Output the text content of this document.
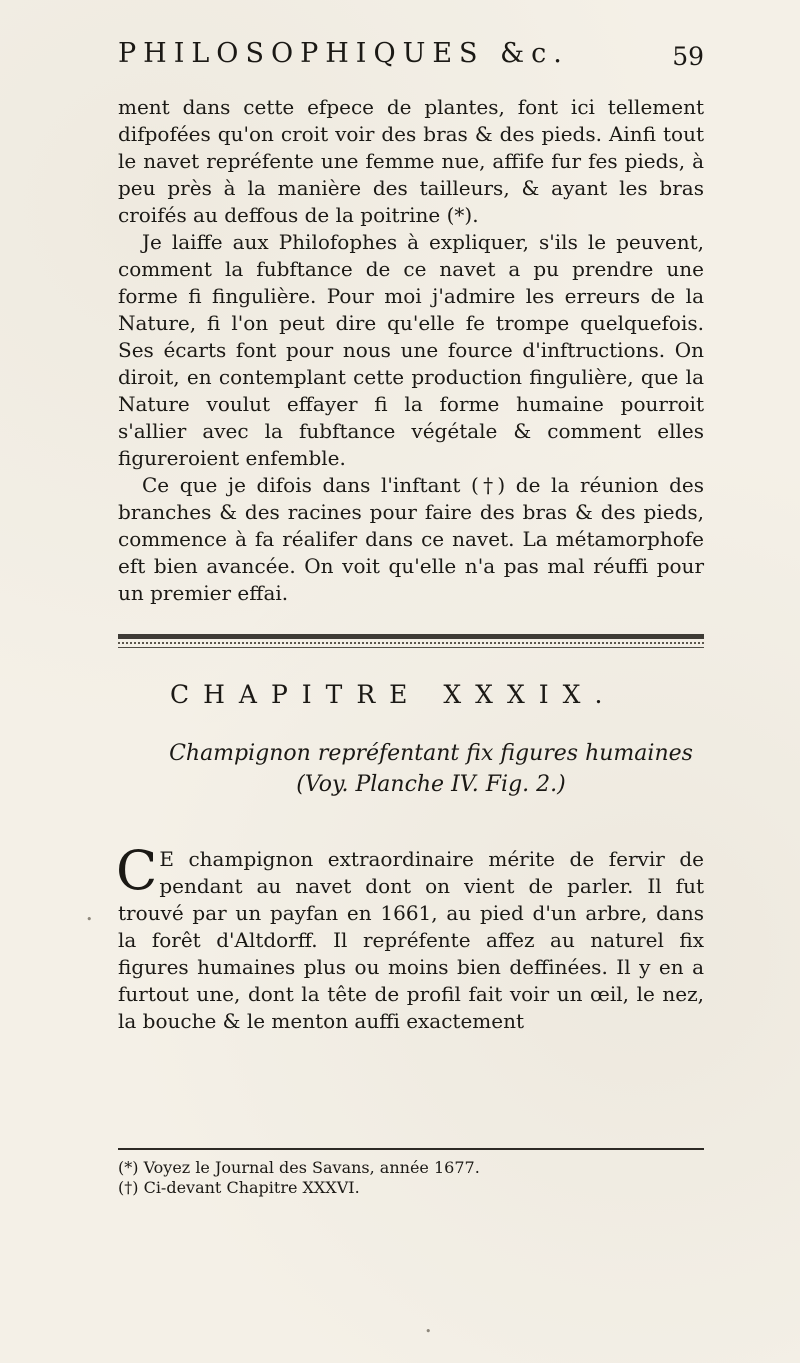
PHILOSOPHIQUES &c.	59

ment dans cette efpece de plantes, font ici tellement difpofées qu'on croit voir des bras & des pieds. Ainfi tout le navet repréfente une femme nue, affife fur fes pieds, à peu près à la manière des tailleurs, & ayant les bras croifés au deffous de la poitrine (*).

Je laiffe aux Philofophes à expliquer, s'ils le peuvent, comment la fubftance de ce navet a pu prendre une forme fi fingulière. Pour moi j'admire les erreurs de la Nature, fi l'on peut dire qu'elle fe trompe quelquefois. Ses écarts font pour nous une fource d'inftructions. On diroit, en contemplant cette production fingulière, que la Nature voulut effayer fi la forme humaine pourroit s'allier avec la fubftance végétale & comment elles figureroient enfemble.

Ce que je difois dans l'inftant (†) de la réunion des branches & des racines pour faire des bras & des pieds, commence à fa réalifer dans ce navet. La métamorphofe eft bien avancée. On voit qu'elle n'a pas mal réuffi pour un premier effai.

CHAPITRE XXXIX.
Champignon repréfentant fix figures humaines (Voy. Planche IV. Fig. 2.)

C E champignon extraordinaire mérite de fervir de pendant au navet dont on vient de parler. Il fut trouvé par un payfan en 1661, au pied d'un arbre, dans la forêt d'Altdorff. Il repréfente affez au naturel fix figures humaines plus ou moins bien deffinées. Il y en a furtout une, dont la tête de profil fait voir un œil, le nez, la bouche & le menton auffi exactement

(*) Voyez le Journal des Savans, année 1677.
(†) Ci-devant Chapitre XXXVI.
•
•
